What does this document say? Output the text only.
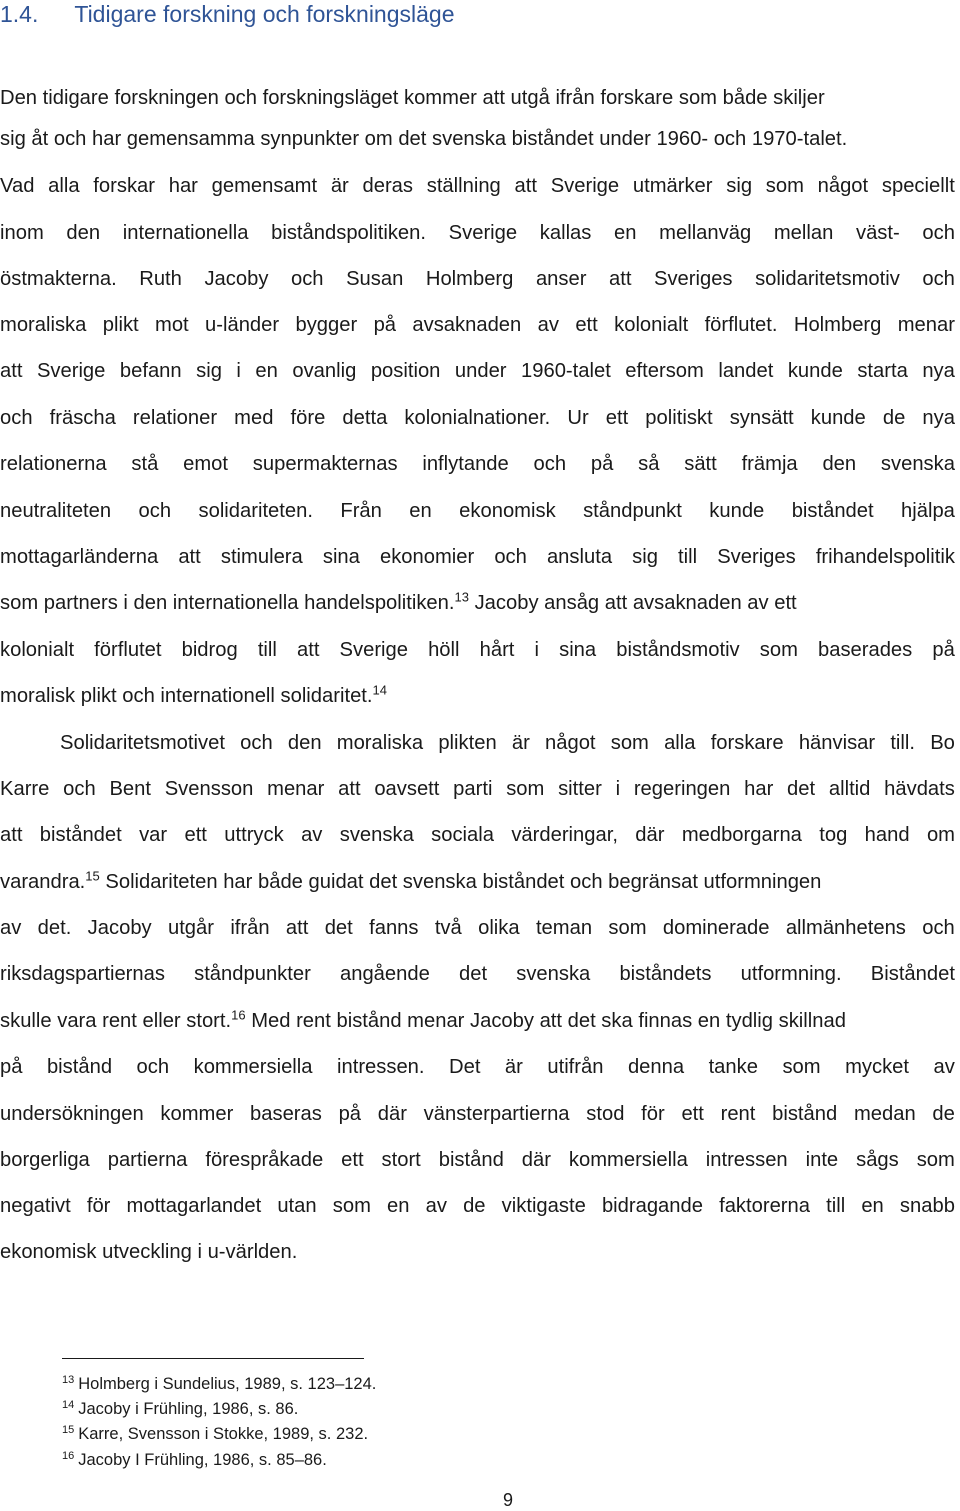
1.4. Tidigare forskning och forskningsläge
Den tidigare forskningen och forskningsläget kommer att utgå ifrån forskare som både skiljer
sig åt och har gemensamma synpunkter om det svenska biståndet under 1960- och 1970-talet.
Vad alla forskar har gemensamt är deras ställning att Sverige utmärker sig som något speciellt
inom den internationella biståndspolitiken. Sverige kallas en mellanväg mellan väst- och
östmakterna. Ruth Jacoby och Susan Holmberg anser att Sveriges solidaritetsmotiv och
moraliska plikt mot u-länder bygger på avsaknaden av ett kolonialt förflutet. Holmberg menar
att Sverige befann sig i en ovanlig position under 1960-talet eftersom landet kunde starta nya
och fräscha relationer med före detta kolonialnationer. Ur ett politiskt synsätt kunde de nya
relationerna stå emot supermakternas inflytande och på så sätt främja den svenska
neutraliteten och solidariteten. Från en ekonomisk ståndpunkt kunde biståndet hjälpa
mottagarländerna att stimulera sina ekonomier och ansluta sig till Sveriges frihandelspolitik
som partners i den internationella handelspolitiken.$^{13}$ Jacoby ansåg att avsaknaden av ett
kolonialt förflutet bidrog till att Sverige höll hårt i sina biståndsmotiv som baserades på
moralisk plikt och internationell solidaritet.$^{14}$
Solidaritetsmotivet och den moraliska plikten är något som alla forskare hänvisar till. Bo
Karre och Bent Svensson menar att oavsett parti som sitter i regeringen har det alltid hävdats
att biståndet var ett uttryck av svenska sociala värderingar, där medborgarna tog hand om
varandra.$^{15}$ Solidariteten har både guidat det svenska biståndet och begränsat utformningen
av det. Jacoby utgår ifrån att det fanns två olika teman som dominerade allmänhetens och
riksdagspartiernas ståndpunkter angående det svenska biståndets utformning. Biståndet
skulle vara rent eller stort.$^{16}$ Med rent bistånd menar Jacoby att det ska finnas en tydlig skillnad
på bistånd och kommersiella intressen. Det är utifrån denna tanke som mycket av
undersökningen kommer baseras på där vänsterpartierna stod för ett rent bistånd medan de
borgerliga partierna förespråkade ett stort bistånd där kommersiella intressen inte sågs som
negativt för mottagarlandet utan som en av de viktigaste bidragande faktorerna till en snabb
ekonomisk utveckling i u-världen.
$^{13}$ Holmberg i Sundelius, 1989, s. 123–124.
$^{14}$ Jacoby i Frühling, 1986, s. 86.
$^{15}$ Karre, Svensson i Stokke, 1989, s. 232.
$^{16}$ Jacoby I Frühling, 1986, s. 85–86.
9
